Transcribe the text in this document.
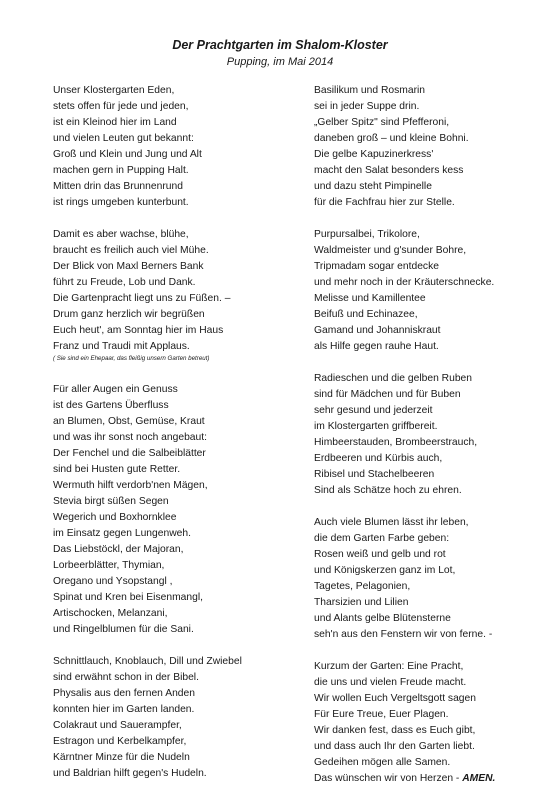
Der Prachtgarten im Shalom-Kloster
Pupping, im Mai 2014
Unser Klostergarten Eden,
stets offen für jede und jeden,
ist ein Kleinod hier im Land
und vielen Leuten gut bekannt:
Groß und Klein und Jung und Alt
machen gern in Pupping Halt.
Mitten drin das Brunnenrund
ist rings umgeben kunterbunt.
Damit es aber wachse, blühe,
braucht es freilich auch viel Mühe.
Der Blick von Maxl Berners Bank
führt zu Freude, Lob und Dank.
Die Gartenpracht liegt uns zu Füßen. –
Drum ganz herzlich wir begrüßen
Euch heut', am Sonntag hier im Haus
Franz und Traudi mit Applaus.
( Sie sind ein Ehepaar, das fleißig unsern Garten betreut)
Für aller Augen ein Genuss
ist des Gartens Überfluss
an Blumen, Obst, Gemüse, Kraut
und was ihr sonst noch angebaut:
Der Fenchel und die Salbeiblätter
sind bei Husten gute Retter.
Wermuth hilft verdorb'nen Mägen,
Stevia birgt süßen Segen
Wegerich und Boxhornklee
im Einsatz gegen Lungenweh.
Das Liebstöckl, der Majoran,
Lorbeerblätter, Thymian,
Oregano und Ysopstangl ,
Spinat und Kren bei Eisenmangl,
Artischocken, Melanzani,
und Ringelblumen für die Sani.
Schnittlauch, Knoblauch, Dill und Zwiebel
sind erwähnt schon in der Bibel.
Physalis aus den fernen Anden
konnten hier im Garten landen.
Colakraut und Sauerampfer,
Estragon und Kerbelkampfer,
Kärntner Minze für die Nudeln
und Baldrian hilft gegen's Hudeln.
Basilikum und Rosmarin
sei in jeder Suppe drin.
„Gelber Spitz" sind Pfefferoni,
daneben groß – und kleine Bohni.
Die gelbe Kapuzinerkress'
macht den Salat besonders kess
und dazu steht Pimpinelle
für die Fachfrau hier zur Stelle.
Purpursalbei, Trikolore,
Waldmeister und g'sunder Bohre,
Tripmadam sogar entdecke
und mehr noch in der Kräuterschnecke.
Melisse und Kamillentee
Beifuß und Echinazee,
Gamand und Johanniskraut
als Hilfe gegen rauhe Haut.
Radieschen und die gelben Ruben
sind für Mädchen und für Buben
sehr gesund und jederzeit
im Klostergarten griffbereit.
Himbeerstauden, Brombeerstrauch,
Erdbeeren und Kürbis auch,
Ribisel und Stachelbeeren
Sind als Schätze hoch zu ehren.
Auch viele Blumen lässt ihr leben,
die dem Garten Farbe geben:
Rosen weiß und gelb und rot
und Königskerzen ganz im Lot,
Tagetes, Pelagonien,
Tharsizien und Lilien
und Alants gelbe Blütensterne
seh'n aus den Fenstern wir von ferne. -
Kurzum der Garten: Eine Pracht,
die uns und vielen Freude macht.
Wir wollen Euch Vergeltsgott sagen
Für Eure Treue, Euer Plagen.
Wir danken fest, dass es Euch gibt,
und dass auch Ihr den Garten liebt.
Gedeihen mögen alle Samen.
Das wünschen wir von Herzen - AMEN.
